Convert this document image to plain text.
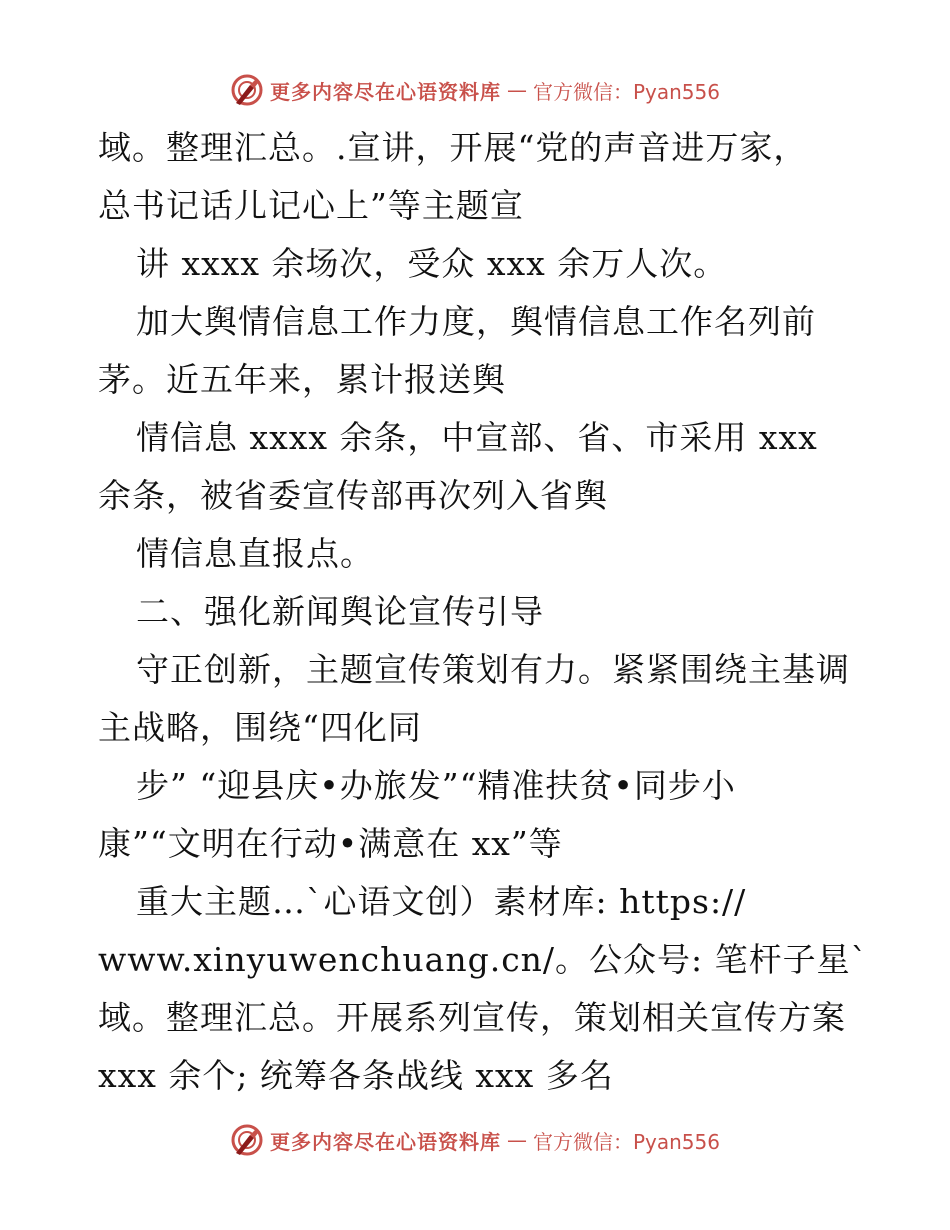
更多内容尽在心语资料库 — 官方微信：Pyan556
域。整理汇总。.宣讲，开展“党的声音进万家，
总书记话儿记心上”等主题宣
讲 xxxx 余场次，受众 xxx 余万人次。
加大舆情信息工作力度，舆情信息工作名列前
茅。近五年来，累计报送舆
情信息 xxxx 余条，中宣部、省、市采用 xxx
余条，被省委宣传部再次列入省舆
情信息直报点。
二、强化新闻舆论宣传引导
守正创新，主题宣传策划有力。紧紧围绕主基调
主战略，围绕“四化同
步” “迎县庆•办旅发”“精准扶贫•同步小
康”“文明在行动•满意在 xx”等
重大主题…`心语文创）素材库: https://
www.xinyuwenchuang.cn/。公众号: 笔杆子星`
域。整理汇总。开展系列宣传，策划相关宣传方案
xxx 余个; 统筹各条战线 xxx 多名
更多内容尽在心语资料库 — 官方微信：Pyan556
